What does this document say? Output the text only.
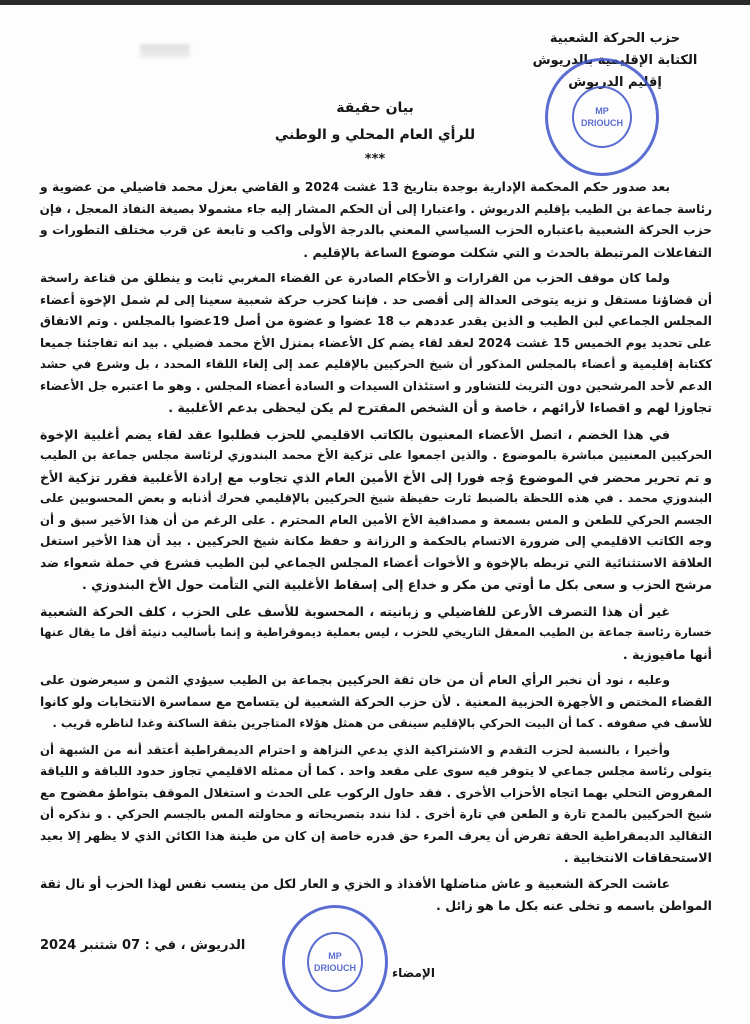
حزب الحركة الشعبية
الكتابة الإقليمية بالدريوش
إقليم الدريوش
MP
DRIOUCH
بيان حقيقة
للرأي العام المحلي و الوطني
***
بعد صدور حكم المحكمة الإدارية بوجدة بتاريخ 13 غشت 2024 و القاضي بعزل محمد فاضيلي من عضوية و
رئاسة جماعة بن الطيب بإقليم الدريوش . واعتبارا إلى أن الحكم المشار إليه جاء مشمولا بصيغة النفاذ المعجل ، فإن
حزب الحركة الشعبية باعتباره الحزب السياسي المعني بالدرجة الأولى واكب و تابعة عن قرب مختلف التطورات و
التفاعلات المرتبطة بالحدث و التي شكلت موضوع الساعة بالإقليم .
ولما كان موقف الحزب من القرارات و الأحكام الصادرة عن القضاء المغربي ثابت و ينطلق من قناعة راسخة
أن قضاؤنا مستقل و نزيه يتوخى العدالة إلى أقصى حد . فإننا كحزب حركة شعبية سعينا إلى لم شمل الإخوة أعضاء
المجلس الجماعي لبن الطيب و الذين يقدر عددهم ب 18 عضوا و عضوة من أصل 19عضوا بالمجلس . وتم الاتفاق
على تحديد يوم الخميس 15 غشت 2024 لعقد لقاء يضم كل الأعضاء بمنزل الأخ محمد فضيلي . بيد انه تفاجئنا جميعا
ككتابة إقليمية و أعضاء بالمجلس المذكور أن شيخ الحركيين بالإقليم عمد إلى إلغاء اللقاء المحدد ، بل وشرع في حشد
الدعم لأحد المرشحين دون التريث للتشاور و استئذان السيدات و السادة أعضاء المجلس . وهو ما اعتبره جل الأعضاء
تجاوزا لهم و اقصاءا لأرائهم ، خاصة و أن الشخص المقترح لم يكن ليحظى بدعم الأغلبية .
في هذا الخضم ، اتصل الأعضاء المعنيون بالكاتب الاقليمي للحزب فطلبوا عقد لقاء يضم أغلبية الإخوة
الحركيين المعنيين مباشرة بالموضوع . والذين اجمعوا على تزكية الأخ محمد البندوزي لرئاسة مجلس جماعة بن الطيب
و تم تحرير محضر في الموضوع وُجه فورا إلى الأخ الأمين العام الذي تجاوب مع إرادة الأغلبية فقرر تزكية الأخ
البندوزي محمد . في هذه اللحظة بالضبط ثارت حفيظة شيخ الحركيين بالإقليمي فحرك أذنابه و بعض المحسوبين على
الجسم الحركي للطعن و المس بسمعة و مصداقية الأخ الأمين العام المحترم . على الرغم من أن هذا الأخير سبق و أن
وجه الكاتب الاقليمي إلى ضرورة الاتسام بالحكمة و الرزانة و حفظ مكانة شيخ الحركيين . بيد أن هذا الأخير استغل
العلاقة الاستثنائية التي تربطه بالإخوة و الأخوات أعضاء المجلس الجماعي لبن الطيب فشرع في حملة شعواء ضد
مرشح الحزب و سعى بكل ما أوتي من مكر و خداع إلى إسقاط الأغلبية التي التأمت حول الأخ البندوزي .
غير أن هذا التصرف الأرعن للفاضيلي و زبانيته ، المحسوبة للأسف على الحزب ، كلف الحركة الشعبية
خسارة رئاسة جماعة بن الطيب المعقل التاريخي للحزب ، ليس بعملية ديموقراطية و إنما بأساليب دنيئة أقل ما يقال عنها
أنها مافيوزية .
وعليه ، نود أن نخبر الرأي العام أن من خان ثقة الحركيين بجماعة بن الطيب سيؤدي الثمن و سيعرضون على
القضاء المختص و الأجهزة الحزبية المعنية . لأن حزب الحركة الشعبية لن يتسامح مع سماسرة الانتخابات ولو كانوا
للأسف في صفوفه . كما أن البيت الحركي بالإقليم سينقى من همثل هؤلاء المتاجرين بثقة الساكنة وغدا لناظره قريب .
وأخيرا ، بالنسبة لحزب التقدم و الاشتراكية الذي يدعي النزاهة و احترام الديمقراطية أعتقد أنه من الشبهة أن
يتولى رئاسة مجلس جماعي لا يتوفر فيه سوى على مقعد واحد . كما أن ممثله الاقليمي تجاوز حدود اللباقة و اللياقة
المفروض التحلي بهما اتجاه الأحزاب الأخرى . فقد حاول الركوب على الحدث و استغلال الموقف بتواطؤ مفضوح مع
شيخ الحركيين بالمدح تارة و الطعن في تارة أخرى . لذا نندد بتصريحاته و محاولته المس بالجسم الحركي . و نذكره أن
التقاليد الديمقراطية الحقة تفرض أن يعرف المرء حق قدره خاصة إن كان من طينة هذا الكائن الذي لا يظهر إلا بعيد
الاستحقاقات الانتخابية .
عاشت الحركة الشعبية و عاش مناضلها الأفذاذ و الخزي و العار لكل من ينسب نفس لهذا الحزب أو نال ثقة
المواطن باسمه و تخلى عنه بكل ما هو زائل .
الدريوش ، في : 07 شتنبر 2024
MP
DRIOUCH	الإمضاء
